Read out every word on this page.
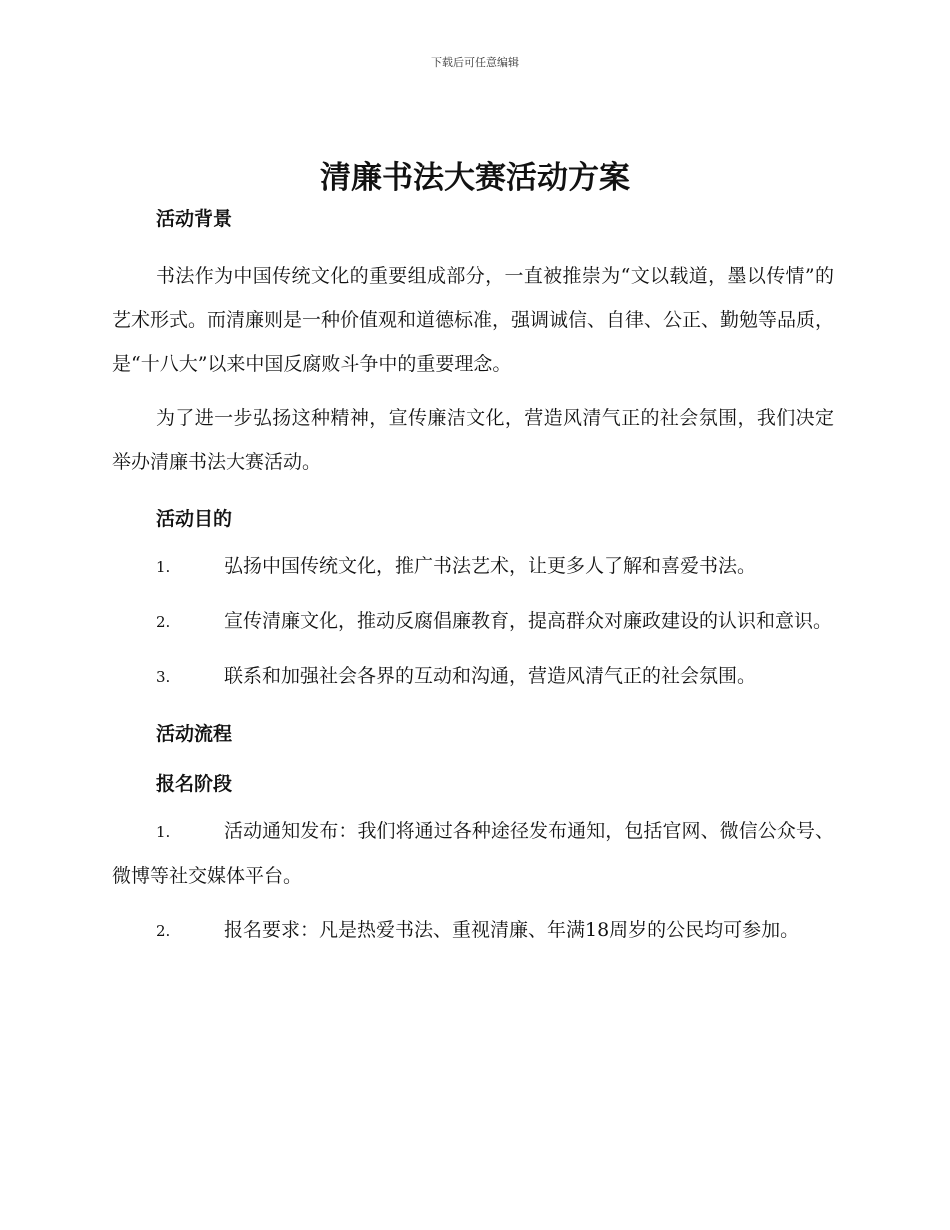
下载后可任意编辑
清廉书法大赛活动方案

活动背景

书法作为中国传统文化的重要组成部分，一直被推崇为“文以载道，墨以传情”的艺术形式。而清廉则是一种价值观和道德标准，强调诚信、自律、公正、勤勉等品质，是“十八大”以来中国反腐败斗争中的重要理念。

为了进一步弘扬这种精神，宣传廉洁文化，营造风清气正的社会氛围，我们决定举办清廉书法大赛活动。

活动目的

1.	弘扬中国传统文化，推广书法艺术，让更多人了解和喜爱书法。

2.	宣传清廉文化，推动反腐倡廉教育，提高群众对廉政建设的认识和意识。

3.	联系和加强社会各界的互动和沟通，营造风清气正的社会氛围。

活动流程

报名阶段

1.	活动通知发布：我们将通过各种途径发布通知，包括官网、微信公众号、微博等社交媒体平台。

2.	报名要求：凡是热爱书法、重视清廉、年满18周岁的公民均可参加。
